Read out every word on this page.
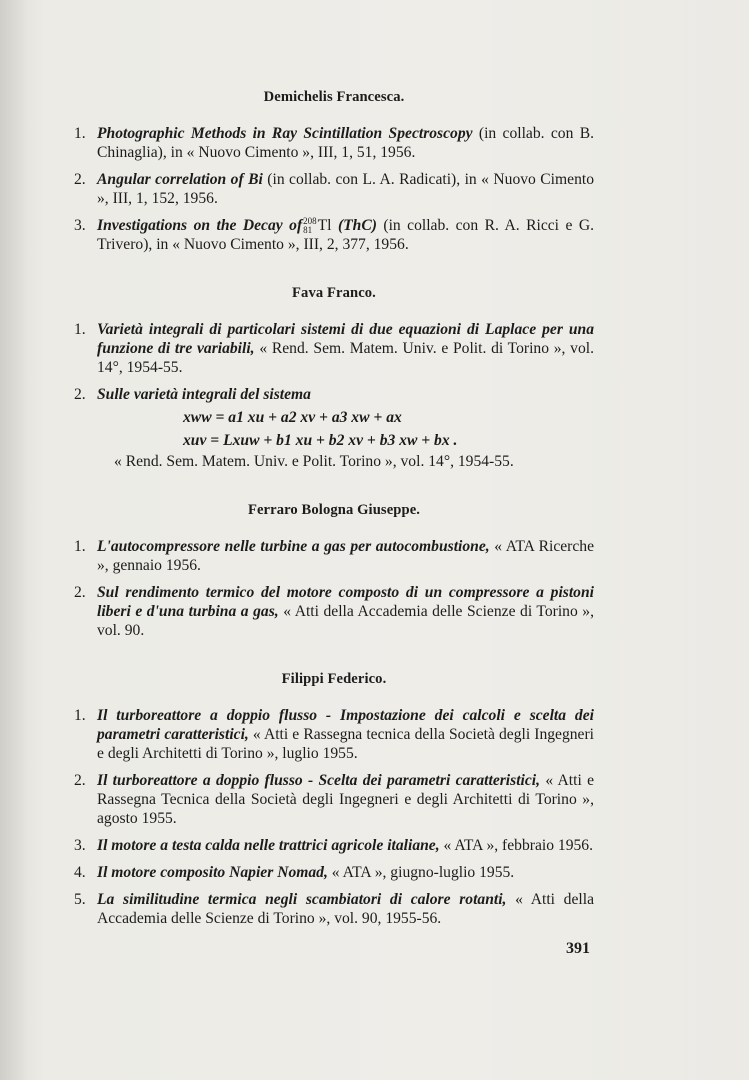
Demichelis Francesca.
1. Photographic Methods in Ray Scintillation Spectroscopy (in collab. con B. Chinaglia), in « Nuovo Cimento », III, 1, 51, 1956.
2. Angular correlation of Bi (in collab. con L. A. Radicati), in « Nuovo Cimento », III, 1, 152, 1956.
3. Investigations on the Decay of 208
81 Tl (ThC) (in collab. con R. A. Ricci e G. Trivero), in « Nuovo Cimento », III, 2, 377, 1956.
Fava Franco.
1. Varietà integrali di particolari sistemi di due equazioni di Laplace per una funzione di tre variabili, « Rend. Sem. Matem. Univ. e Polit. di Torino », vol. 14°, 1954-55.
2. Sulle varietà integrali del sistema
xww = a1 xu + a2 xv + a3 xw + ax
xuv = Lxuw + b1 xu + b2 xv + b3 xw + bx .
« Rend. Sem. Matem. Univ. e Polit. Torino », vol. 14°, 1954-55.
Ferraro Bologna Giuseppe.
1. L'autocompressore nelle turbine a gas per autocombustione, « ATA Ricerche », gennaio 1956.
2. Sul rendimento termico del motore composto di un compressore a pistoni liberi e d'una turbina a gas, « Atti della Accademia delle Scienze di Torino », vol. 90.
Filippi Federico.
1. Il turboreattore a doppio flusso - Impostazione dei calcoli e scelta dei parametri caratteristici, « Atti e Rassegna tecnica della Società degli Ingegneri e degli Architetti di Torino », luglio 1955.
2. Il turboreattore a doppio flusso - Scelta dei parametri caratteristici, « Atti e Rassegna Tecnica della Società degli Ingegneri e degli Architetti di Torino », agosto 1955.
3. Il motore a testa calda nelle trattrici agricole italiane, « ATA », febbraio 1956.
4. Il motore composito Napier Nomad, « ATA », giugno-luglio 1955.
5. La similitudine termica negli scambiatori di calore rotanti, « Atti della Accademia delle Scienze di Torino », vol. 90, 1955-56.
391
